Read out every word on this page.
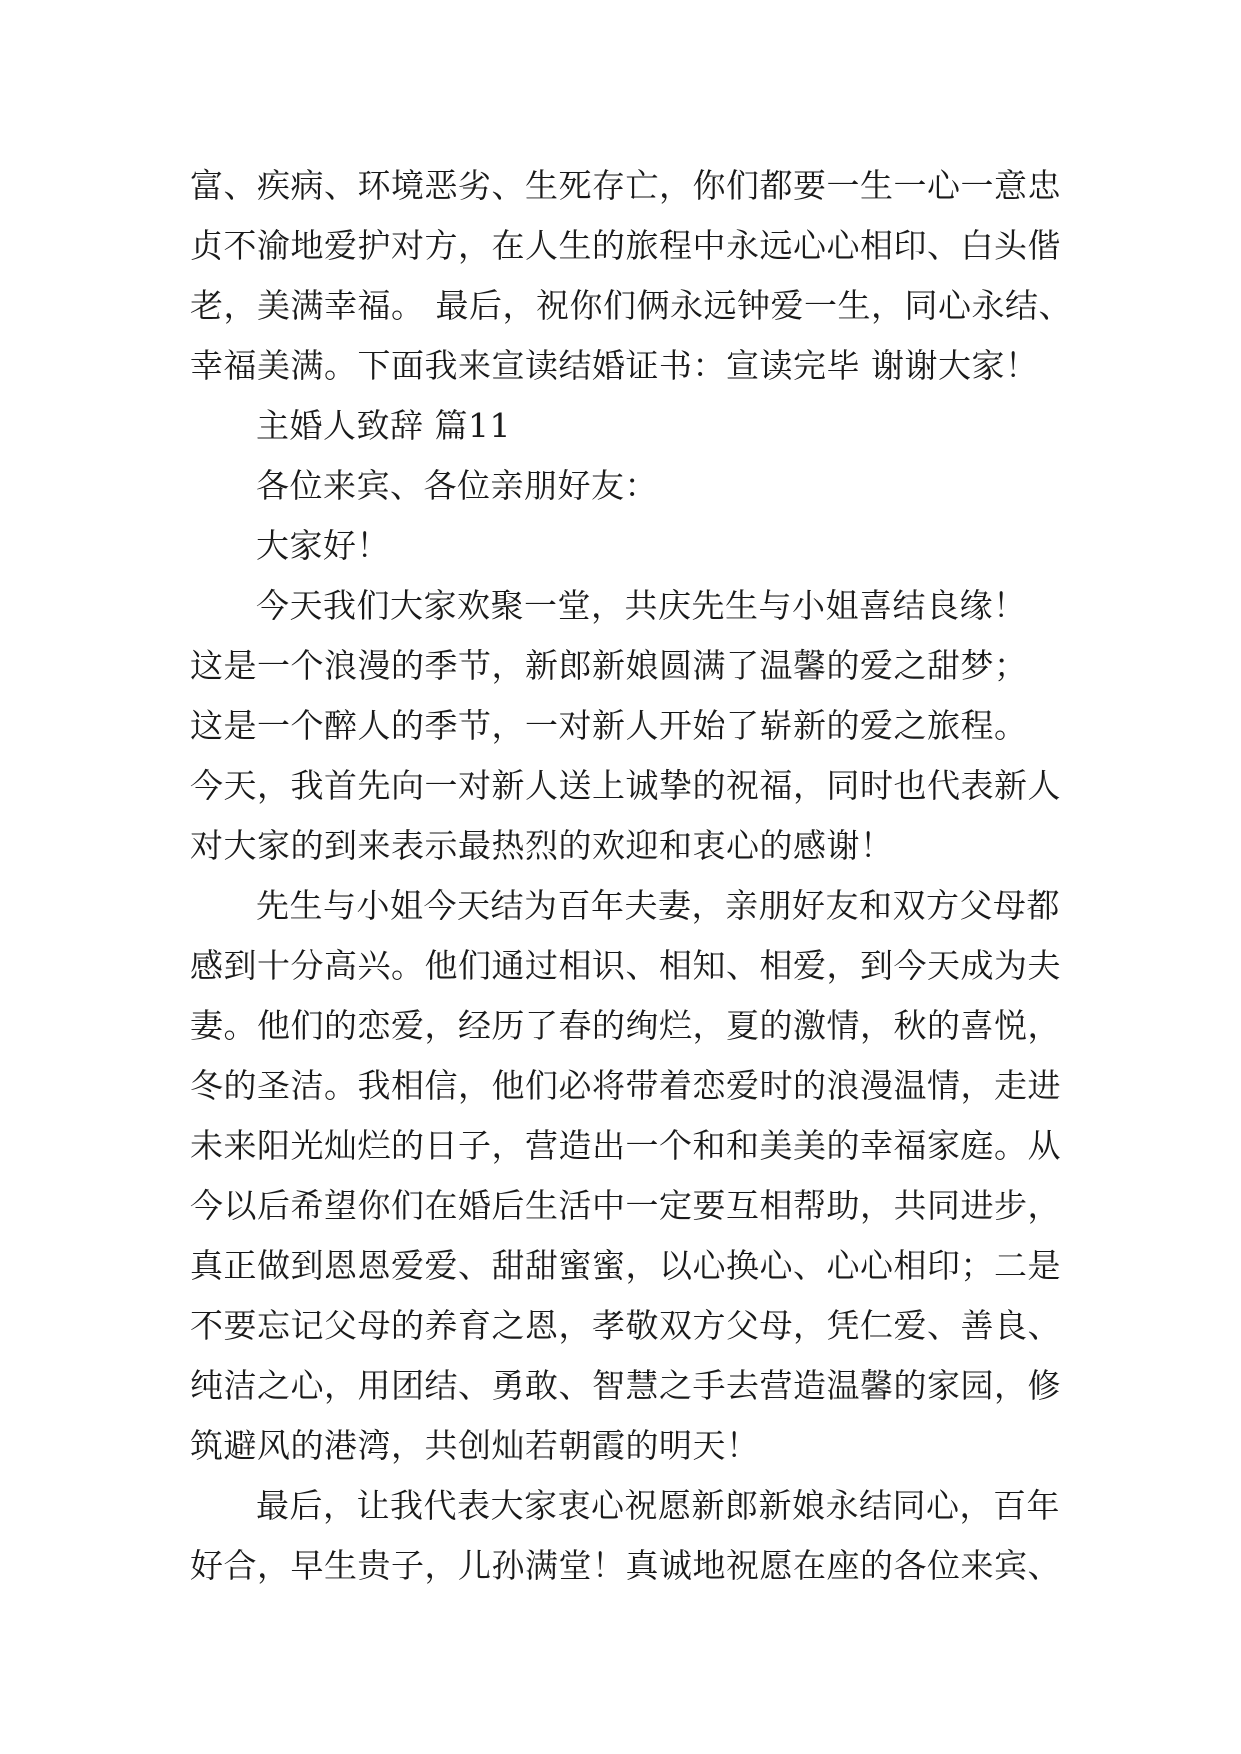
富、疾病、环境恶劣、生死存亡，你们都要一生一心一意忠
贞不渝地爱护对方，在人生的旅程中永远心心相印、白头偕
老，美满幸福。 最后，祝你们俩永远钟爱一生，同心永结、
幸福美满。下面我来宣读结婚证书：宣读完毕 谢谢大家！
主婚人致辞 篇11
各位来宾、各位亲朋好友：
大家好！
今天我们大家欢聚一堂，共庆先生与小姐喜结良缘！
这是一个浪漫的季节，新郎新娘圆满了温馨的爱之甜梦；
这是一个醉人的季节，一对新人开始了崭新的爱之旅程。
今天，我首先向一对新人送上诚挚的祝福，同时也代表新人
对大家的到来表示最热烈的欢迎和衷心的感谢！
先生与小姐今天结为百年夫妻，亲朋好友和双方父母都
感到十分高兴。他们通过相识、相知、相爱，到今天成为夫
妻。他们的恋爱，经历了春的绚烂，夏的激情，秋的喜悦，
冬的圣洁。我相信，他们必将带着恋爱时的浪漫温情，走进
未来阳光灿烂的日子，营造出一个和和美美的幸福家庭。从
今以后希望你们在婚后生活中一定要互相帮助，共同进步，
真正做到恩恩爱爱、甜甜蜜蜜，以心换心、心心相印；二是
不要忘记父母的养育之恩，孝敬双方父母，凭仁爱、善良、
纯洁之心，用团结、勇敢、智慧之手去营造温馨的家园，修
筑避风的港湾，共创灿若朝霞的明天！
最后，让我代表大家衷心祝愿新郎新娘永结同心，百年
好合，早生贵子，儿孙满堂！真诚地祝愿在座的各位来宾、
